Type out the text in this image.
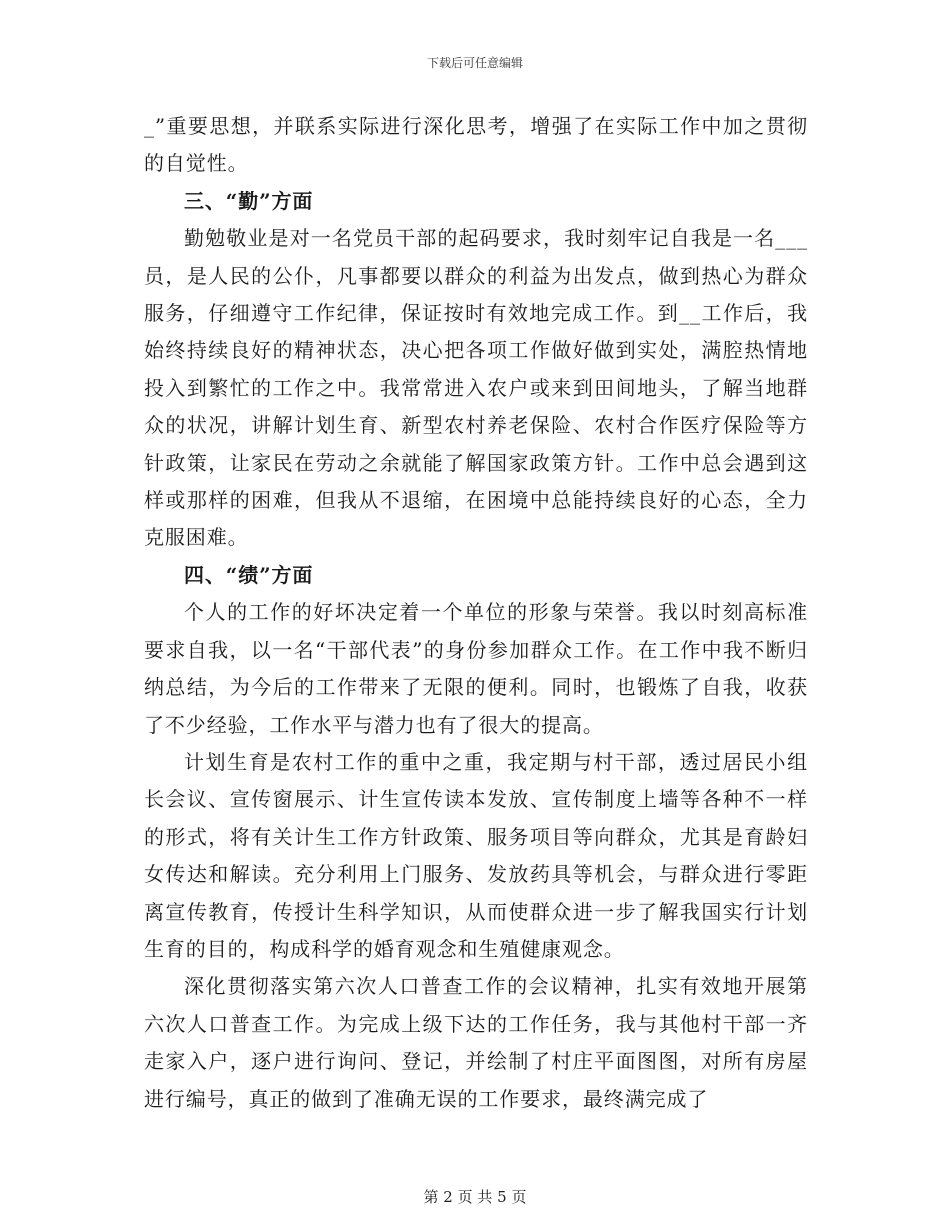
下载后可任意编辑

_”重要思想，并联系实际进行深化思考，增强了在实际工作中加之贯彻的自觉性。

三、“勤”方面

勤勉敬业是对一名党员干部的起码要求，我时刻牢记自我是一名___员，是人民的公仆，凡事都要以群众的利益为出发点，做到热心为群众服务，仔细遵守工作纪律，保证按时有效地完成工作。到__工作后，我始终持续良好的精神状态，决心把各项工作做好做到实处，满腔热情地投入到繁忙的工作之中。我常常进入农户或来到田间地头，了解当地群众的状况，讲解计划生育、新型农村养老保险、农村合作医疗保险等方针政策，让家民在劳动之余就能了解国家政策方针。工作中总会遇到这样或那样的困难，但我从不退缩，在困境中总能持续良好的心态，全力克服困难。

四、“绩”方面

个人的工作的好坏决定着一个单位的形象与荣誉。我以时刻高标准要求自我，以一名“干部代表”的身份参加群众工作。在工作中我不断归纳总结，为今后的工作带来了无限的便利。同时，也锻炼了自我，收获了不少经验，工作水平与潜力也有了很大的提高。

计划生育是农村工作的重中之重，我定期与村干部，透过居民小组长会议、宣传窗展示、计生宣传读本发放、宣传制度上墙等各种不一样的形式，将有关计生工作方针政策、服务项目等向群众，尤其是育龄妇女传达和解读。充分利用上门服务、发放药具等机会，与群众进行零距离宣传教育，传授计生科学知识，从而使群众进一步了解我国实行计划生育的目的，构成科学的婚育观念和生殖健康观念。

深化贯彻落实第六次人口普查工作的会议精神，扎实有效地开展第六次人口普查工作。为完成上级下达的工作任务，我与其他村干部一齐走家入户，逐户进行询问、登记，并绘制了村庄平面图图，对所有房屋进行编号，真正的做到了准确无误的工作要求，最终满完成了

第 2 页 共 5 页
